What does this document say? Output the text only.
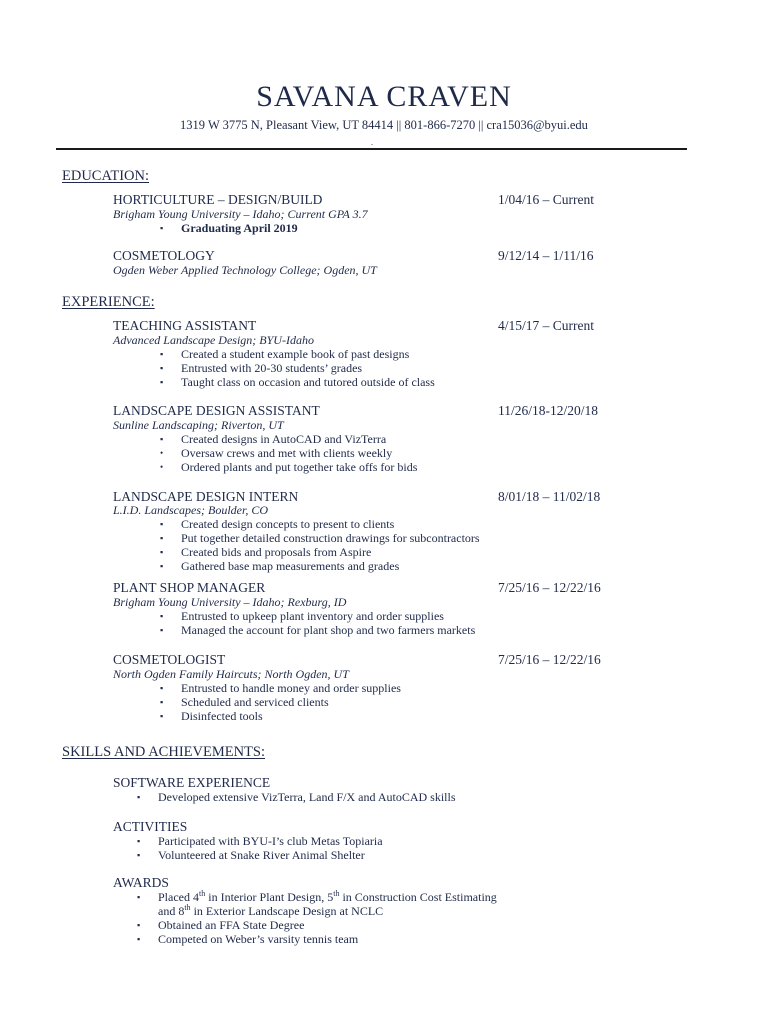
SAVANA CRAVEN
1319 W 3775 N, Pleasant View, UT 84414 || 801-866-7270 || cra15036@byui.edu
.
EDUCATION:
HORTICULTURE – DESIGN/BUILD	1/04/16 – Current
Brigham Young University – Idaho; Current GPA 3.7
▪ Graduating April 2019
COSMETOLOGY	9/12/14 – 1/11/16
Ogden Weber Applied Technology College; Ogden, UT
EXPERIENCE:
TEACHING ASSISTANT	4/15/17 – Current
Advanced Landscape Design; BYU-Idaho
▪ Created a student example book of past designs
▪ Entrusted with 20-30 students’ grades
▪ Taught class on occasion and tutored outside of class
LANDSCAPE DESIGN ASSISTANT	11/26/18-12/20/18
Sunline Landscaping; Riverton, UT
▪ Created designs in AutoCAD and VizTerra
• Oversaw crews and met with clients weekly
• Ordered plants and put together take offs for bids
LANDSCAPE DESIGN INTERN	8/01/18 – 11/02/18
L.I.D. Landscapes; Boulder, CO
▪ Created design concepts to present to clients
▪ Put together detailed construction drawings for subcontractors
▪ Created bids and proposals from Aspire
▪ Gathered base map measurements and grades
PLANT SHOP MANAGER	7/25/16 – 12/22/16
Brigham Young University – Idaho; Rexburg, ID
▪ Entrusted to upkeep plant inventory and order supplies
▪ Managed the account for plant shop and two farmers markets
COSMETOLOGIST	7/25/16 – 12/22/16
North Ogden Family Haircuts; North Ogden, UT
▪ Entrusted to handle money and order supplies
▪ Scheduled and serviced clients
▪ Disinfected tools
SKILLS AND ACHIEVEMENTS:
SOFTWARE EXPERIENCE
▪ Developed extensive VizTerra, Land F/X and AutoCAD skills
ACTIVITIES
▪ Participated with BYU-I’s club Metas Topiaria
▪ Volunteered at Snake River Animal Shelter
AWARDS
▪ Placed 4th in Interior Plant Design, 5th in Construction Cost Estimating
and 8th in Exterior Landscape Design at NCLC
▪ Obtained an FFA State Degree
▪ Competed on Weber’s varsity tennis team
